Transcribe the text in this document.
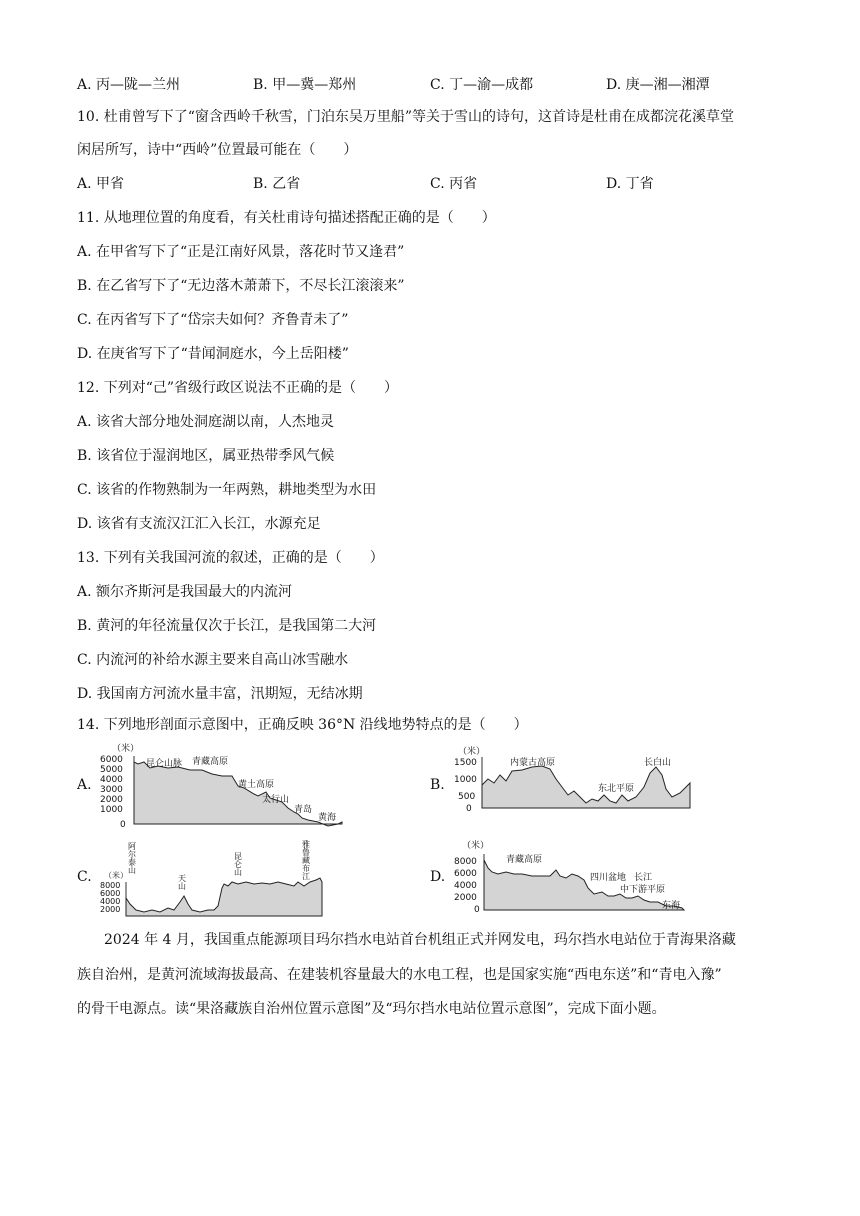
A. 丙—陇—兰州	B. 甲—冀—郑州	C. 丁—渝—成都	D. 庚—湘—湘潭
10. 杜甫曾写下了“窗含西岭千秋雪，门泊东吴万里船”等关于雪山的诗句，这首诗是杜甫在成都浣花溪草堂
闲居所写，诗中“西岭”位置最可能在（　　）
A. 甲省	B. 乙省	C. 丙省	D. 丁省
11. 从地理位置的角度看，有关杜甫诗句描述搭配正确的是（　　）
A. 在甲省写下了“正是江南好风景，落花时节又逢君”
B. 在乙省写下了“无边落木萧萧下，不尽长江滚滚来”
C. 在丙省写下了“岱宗夫如何？齐鲁青未了”
D. 在庚省写下了“昔闻洞庭水，今上岳阳楼”
12. 下列对“己”省级行政区说法不正确的是（　　）
A. 该省大部分地处洞庭湖以南，人杰地灵
B. 该省位于湿润地区，属亚热带季风气候
C. 该省的作物熟制为一年两熟，耕地类型为水田
D. 该省有支流汉江汇入长江，水源充足
13. 下列有关我国河流的叙述，正确的是（　　）
A. 额尔齐斯河是我国最大的内流河
B. 黄河的年径流量仅次于长江，是我国第二大河
C. 内流河的补给水源主要来自高山冰雪融水
D. 我国南方河流水量丰富，汛期短，无结冰期
14. 下列地形剖面示意图中，正确反映 36°N 沿线地势特点的是（　　）
A.
（米）
6000
5000
4000
3000
2000
1000
0
昆仑山脉 青藏高原
黄土高原
太行山
青岛
黄海
B.
（米）
1500
1000
500
0
内蒙古高原
东北平原
长白山
C. （米）
8000
6000
4000
2000
阿尔泰山
天山
昆仑山	雅鲁藏布江	D.
（米）
8000
6000
4000
2000
0
青藏高原
四川盆地 长江
中下游平原
东海
2024 年 4 月，我国重点能源项目玛尔挡水电站首台机组正式并网发电，玛尔挡水电站位于青海果洛藏
族自治州，是黄河流域海拔最高、在建装机容量最大的水电工程，也是国家实施“西电东送”和“青电入豫”
的骨干电源点。读“果洛藏族自治州位置示意图”及“玛尔挡水电站位置示意图”，完成下面小题。
